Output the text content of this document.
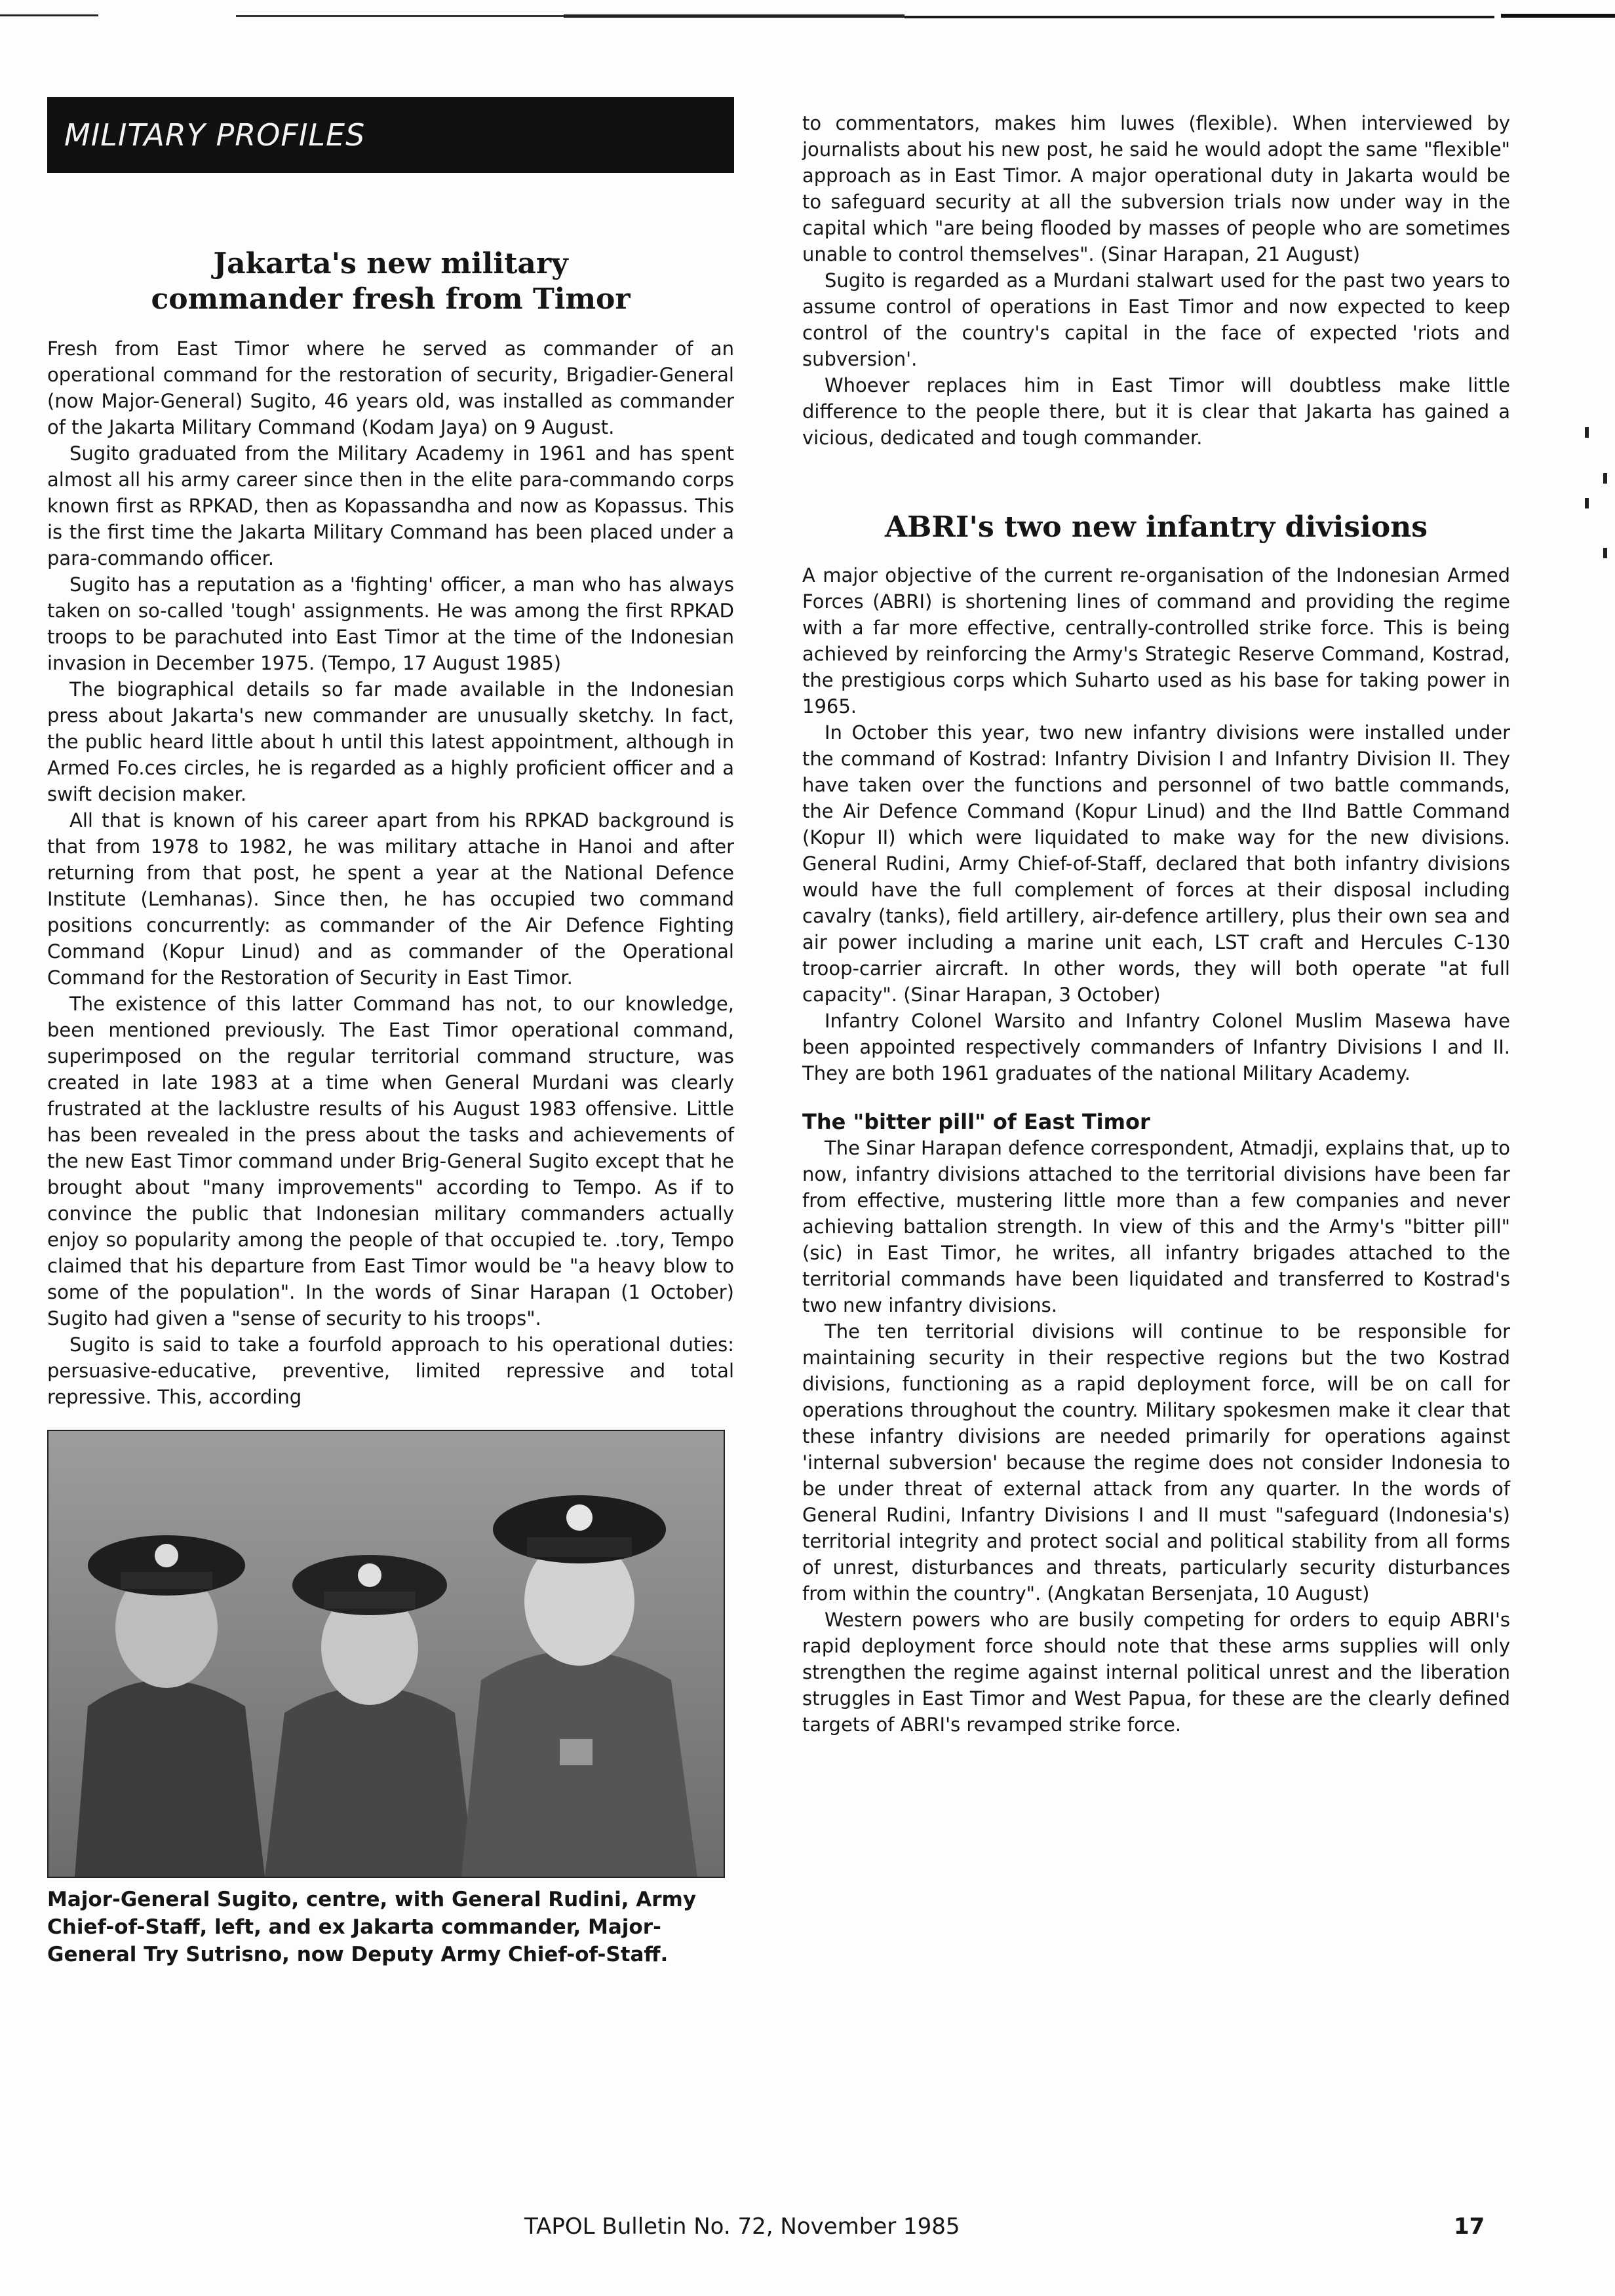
MILITARY PROFILES
Jakarta's new military commander fresh from Timor

Fresh from East Timor where he served as commander of an operational command for the restoration of security, Brigadier-General (now Major-General) Sugito, 46 years old, was installed as commander of the Jakarta Military Command (Kodam Jaya) on 9 August.

Sugito graduated from the Military Academy in 1961 and has spent almost all his army career since then in the elite para-commando corps known first as RPKAD, then as Kopassandha and now as Kopassus. This is the first time the Jakarta Military Command has been placed under a para-commando officer.

Sugito has a reputation as a 'fighting' officer, a man who has always taken on so-called 'tough' assignments. He was among the first RPKAD troops to be parachuted into East Timor at the time of the Indonesian invasion in December 1975. (Tempo, 17 August 1985)

The biographical details so far made available in the Indonesian press about Jakarta's new commander are unusually sketchy. In fact, the public heard little about h until this latest appointment, although in Armed Fo.ces circles, he is regarded as a highly proficient officer and a swift decision maker.

All that is known of his career apart from his RPKAD background is that from 1978 to 1982, he was military attache in Hanoi and after returning from that post, he spent a year at the National Defence Institute (Lemhanas). Since then, he has occupied two command positions concurrently: as commander of the Air Defence Fighting Command (Kopur Linud) and as commander of the Operational Command for the Restoration of Security in East Timor.

The existence of this latter Command has not, to our knowledge, been mentioned previously. The East Timor operational command, superimposed on the regular territorial command structure, was created in late 1983 at a time when General Murdani was clearly frustrated at the lacklustre results of his August 1983 offensive. Little has been revealed in the press about the tasks and achievements of the new East Timor command under Brig-General Sugito except that he brought about "many improvements" according to Tempo. As if to convince the public that Indonesian military commanders actually enjoy so popularity among the people of that occupied te. .tory, Tempo claimed that his departure from East Timor would be "a heavy blow to some of the population". In the words of Sinar Harapan (1 October) Sugito had given a "sense of security to his troops".

Sugito is said to take a fourfold approach to his operational duties: persuasive-educative, preventive, limited repressive and total repressive. This, according

Major-General Sugito, centre, with General Rudini, Army Chief-of-Staff, left, and ex Jakarta commander, Major-General Try Sutrisno, now Deputy Army Chief-of-Staff.

to commentators, makes him luwes (flexible). When interviewed by journalists about his new post, he said he would adopt the same "flexible" approach as in East Timor. A major operational duty in Jakarta would be to safeguard security at all the subversion trials now under way in the capital which "are being flooded by masses of people who are sometimes unable to control themselves". (Sinar Harapan, 21 August)

Sugito is regarded as a Murdani stalwart used for the past two years to assume control of operations in East Timor and now expected to keep control of the country's capital in the face of expected 'riots and subversion'.

Whoever replaces him in East Timor will doubtless make little difference to the people there, but it is clear that Jakarta has gained a vicious, dedicated and tough commander.

ABRI's two new infantry divisions

A major objective of the current re-organisation of the Indonesian Armed Forces (ABRI) is shortening lines of command and providing the regime with a far more effective, centrally-controlled strike force. This is being achieved by reinforcing the Army's Strategic Reserve Command, Kostrad, the prestigious corps which Suharto used as his base for taking power in 1965.

In October this year, two new infantry divisions were installed under the command of Kostrad: Infantry Division I and Infantry Division II. They have taken over the functions and personnel of two battle commands, the Air Defence Command (Kopur Linud) and the IInd Battle Command (Kopur II) which were liquidated to make way for the new divisions. General Rudini, Army Chief-of-Staff, declared that both infantry divisions would have the full complement of forces at their disposal including cavalry (tanks), field artillery, air-defence artillery, plus their own sea and air power including a marine unit each, LST craft and Hercules C-130 troop-carrier aircraft. In other words, they will both operate "at full capacity". (Sinar Harapan, 3 October)

Infantry Colonel Warsito and Infantry Colonel Muslim Masewa have been appointed respectively commanders of Infantry Divisions I and II. They are both 1961 graduates of the national Military Academy.

The "bitter pill" of East Timor

The Sinar Harapan defence correspondent, Atmadji, explains that, up to now, infantry divisions attached to the territorial divisions have been far from effective, mustering little more than a few companies and never achieving battalion strength. In view of this and the Army's "bitter pill" (sic) in East Timor, he writes, all infantry brigades attached to the territorial commands have been liquidated and transferred to Kostrad's two new infantry divisions.

The ten territorial divisions will continue to be responsible for maintaining security in their respective regions but the two Kostrad divisions, functioning as a rapid deployment force, will be on call for operations throughout the country. Military spokesmen make it clear that these infantry divisions are needed primarily for operations against 'internal subversion' because the regime does not consider Indonesia to be under threat of external attack from any quarter. In the words of General Rudini, Infantry Divisions I and II must "safeguard (Indonesia's) territorial integrity and protect social and political stability from all forms of unrest, disturbances and threats, particularly security disturbances from within the country". (Angkatan Bersenjata, 10 August)

Western powers who are busily competing for orders to equip ABRI's rapid deployment force should note that these arms supplies will only strengthen the regime against internal political unrest and the liberation struggles in East Timor and West Papua, for these are the clearly defined targets of ABRI's revamped strike force.

TAPOL Bulletin No. 72, November 1985	17
